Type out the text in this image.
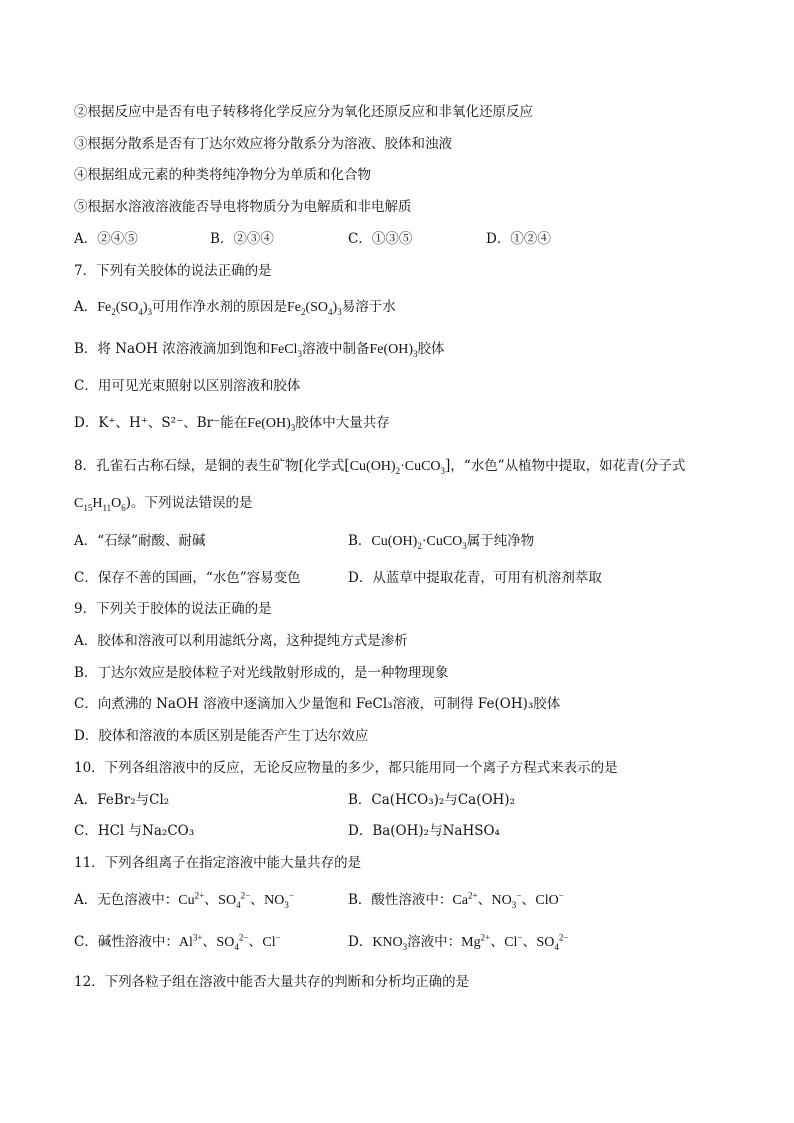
②根据反应中是否有电子转移将化学反应分为氧化还原反应和非氧化还原反应
③根据分散系是否有丁达尔效应将分散系分为溶液、胶体和浊液
④根据组成元素的种类将纯净物分为单质和化合物
⑤根据水溶液溶液能否导电将物质分为电解质和非电解质
A．②④⑤	B．②③④	C．①③⑤	D．①②④
7．下列有关胶体的说法正确的是
A．$Fe_2(SO_4)_3$可用作净水剂的原因是$Fe_2(SO_4)_3$易溶于水
B．将 NaOH 浓溶液滴加到饱和FeCl$_3$溶液中制备$Fe(OH)_3$胶体
C．用可见光束照射以区别溶液和胶体
D．K⁺、H⁺、S²⁻、Br⁻能在$Fe(OH)_3$胶体中大量共存
8．孔雀石古称石绿，是铜的表生矿物[化学式$[Cu(OH)_2\cdot CuCO_3]$，“水色”从植物中提取，如花青(分子式
$C_{15}H_{11}O_6$)。下列说法错误的是
A．“石绿”耐酸、耐碱	B．$Cu(OH)_2\cdot CuCO_3$属于纯净物
C．保存不善的国画，“水色”容易变色	D．从蓝草中提取花青，可用有机溶剂萃取
9．下列关于胶体的说法正确的是
A．胶体和溶液可以利用滤纸分离，这种提纯方式是渗析
B．丁达尔效应是胶体粒子对光线散射形成的，是一种物理现象
C．向煮沸的 NaOH 溶液中逐滴加入少量饱和 FeCl₃溶液，可制得 Fe(OH)₃胶体
D．胶体和溶液的本质区别是能否产生丁达尔效应
10．下列各组溶液中的反应，无论反应物量的多少，都只能用同一个离子方程式来表示的是
A．FeBr₂与Cl₂	B．Ca(HCO₃)₂与Ca(OH)₂
C．HCl 与Na₂CO₃	D．Ba(OH)₂与NaHSO₄
11．下列各组离子在指定溶液中能大量共存的是
A．无色溶液中：$Cu^{2+}$、$SO_4^{2-}$、$NO_3^-$	B．酸性溶液中：$Ca^{2+}$、$NO_3^-$、ClO−
C．碱性溶液中：$Al^{3+}$、$SO_4^{2-}$、Cl−	D．$KNO_3$溶液中：$Mg^{2+}$、Cl−、$SO_4^{2-}$
12．下列各粒子组在溶液中能否大量共存的判断和分析均正确的是
